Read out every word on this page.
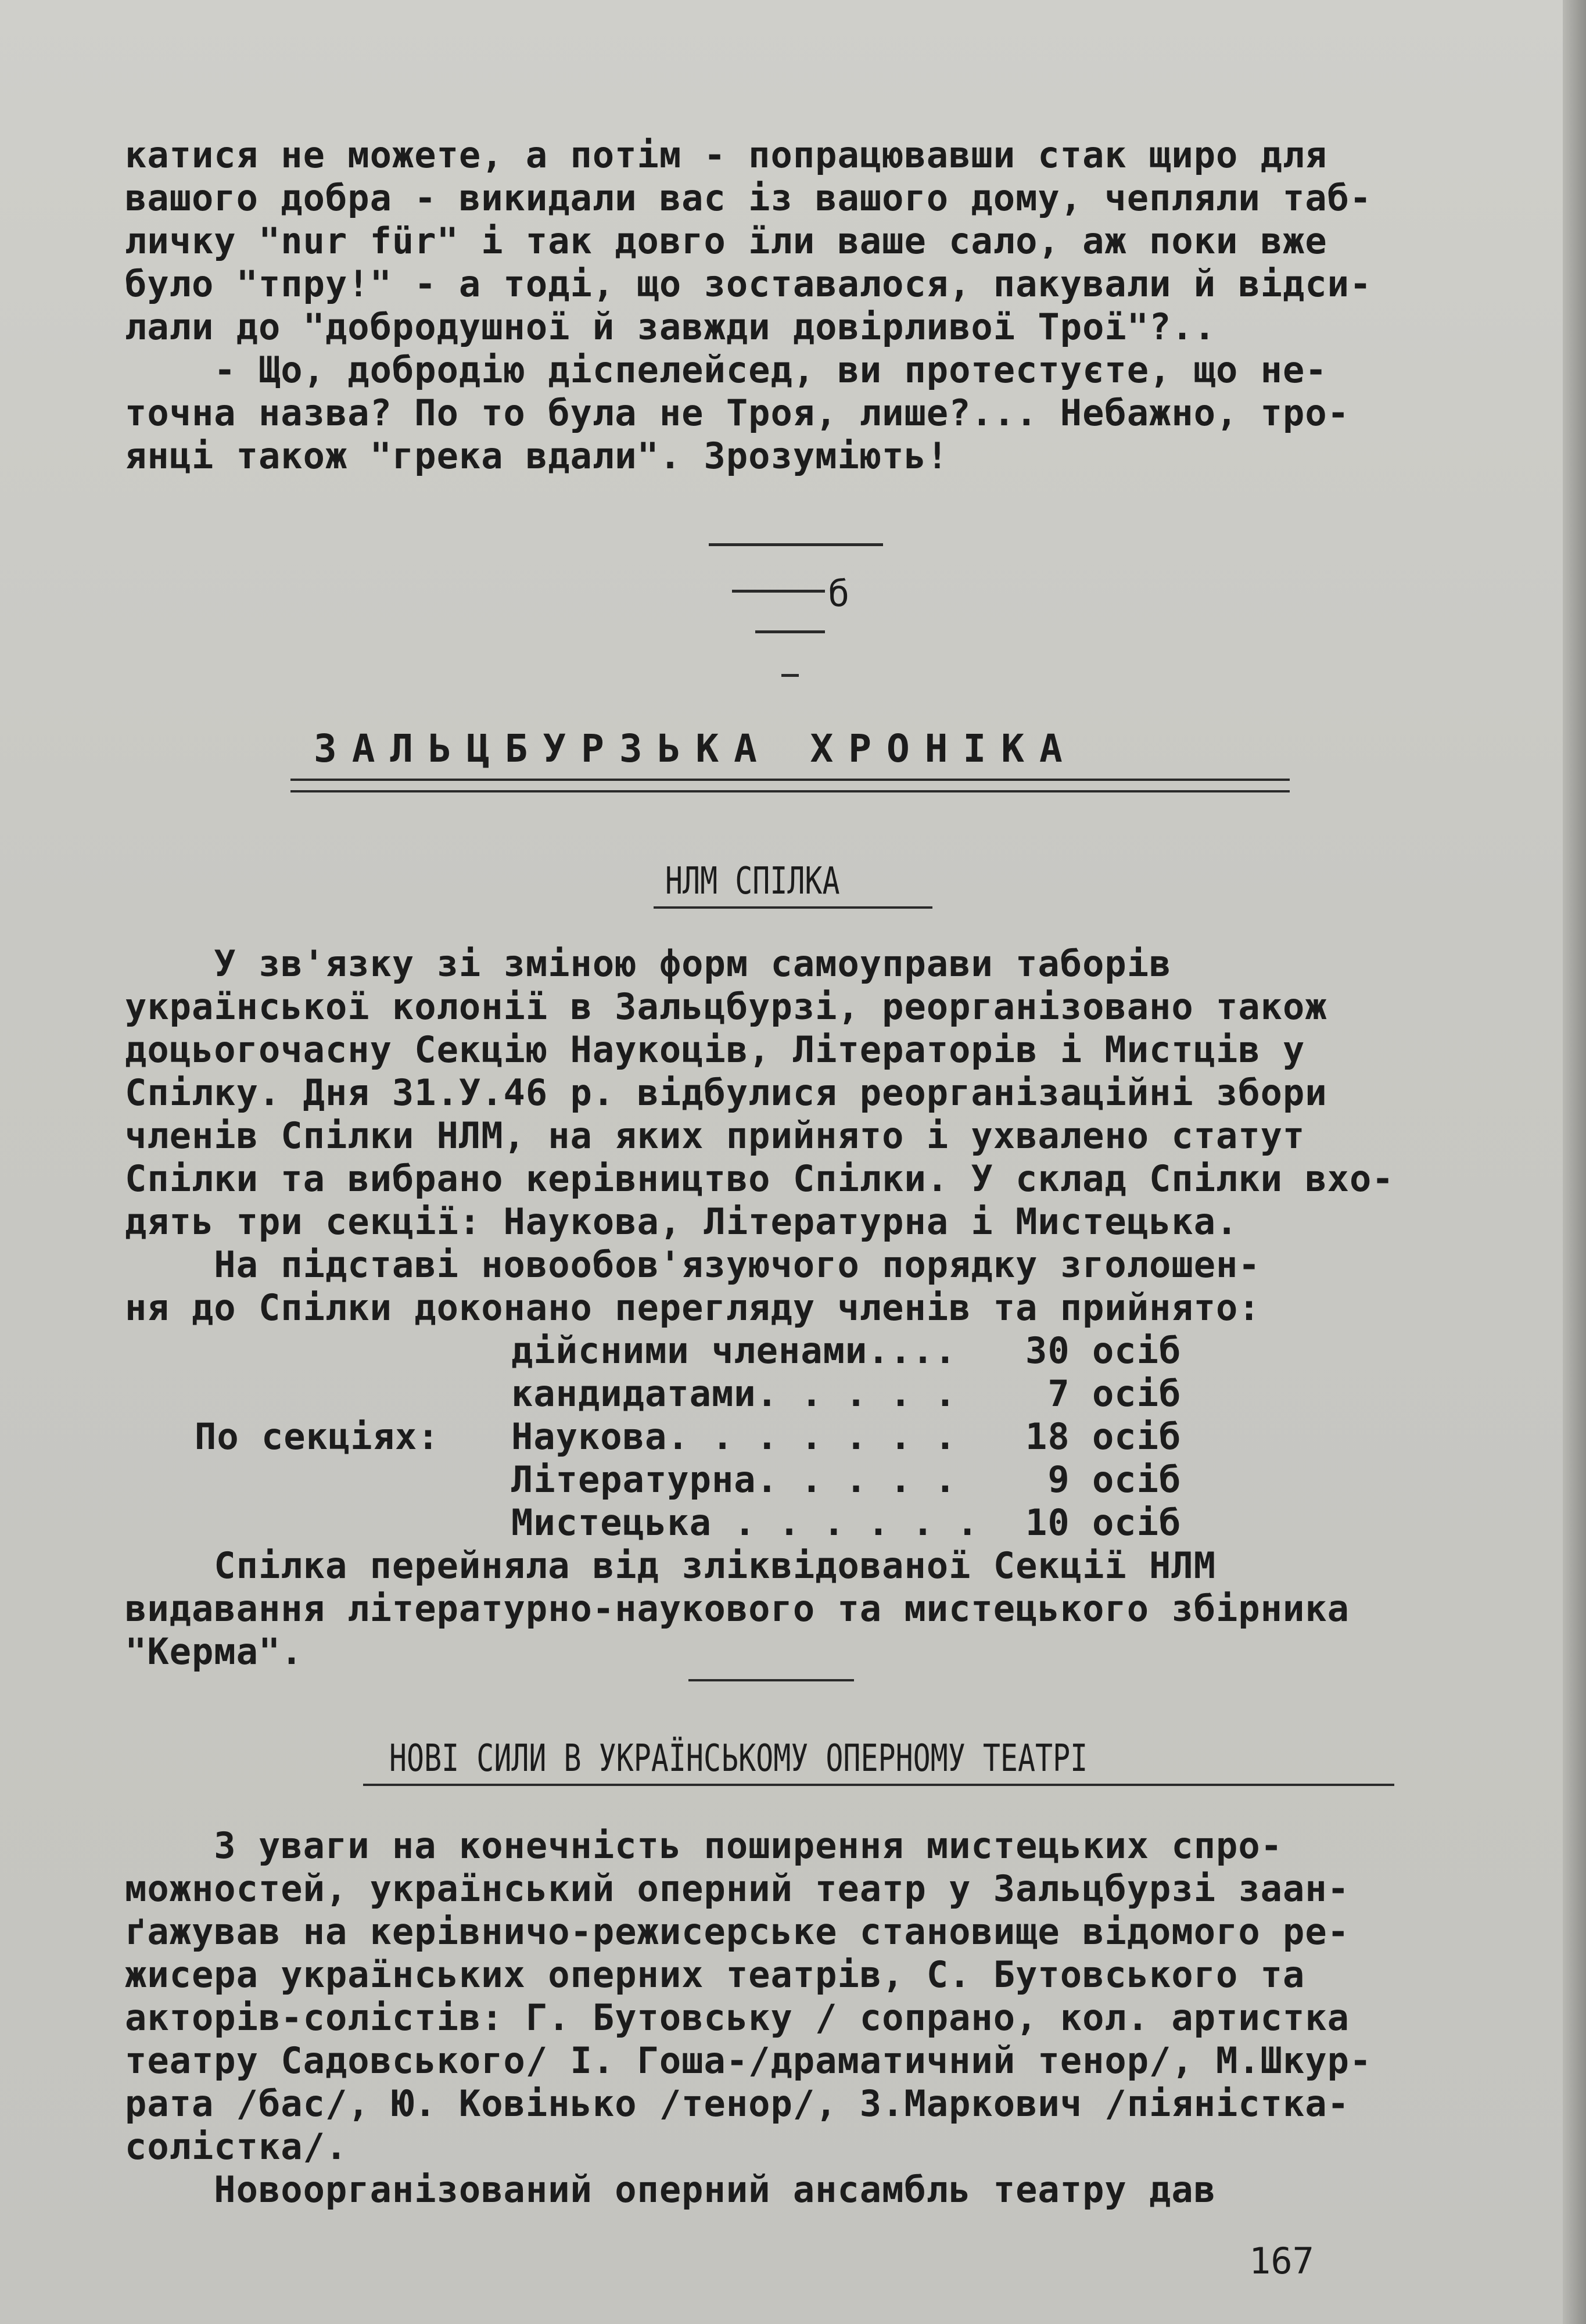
катися не можете, а потім - попрацювавши стак щиро для
вашого добра - викидали вас із вашого дому, чепляли таб-
личку "nur für" і так довго їли ваше сало, аж поки вже
було "тпру!" - а тоді, що зоставалося, пакували й відси-
лали до "добродушної й завжди довірливої Трої"?..
- Що, добродію діспелейсед, ви протестуєте, що не-
точна назва? По то була не Троя, лише?... Небажно, тро-
янці також "грека вдали". Зрозуміють!
б
ЗАЛЬЦБУРЗЬКА ХРОНІКА
НЛМ СПІЛКА
У зв'язку зі зміною форм самоуправи таборів
української колонії в Зальцбурзі, реорганізовано також
доцьогочасну Секцію Наукоців, Літераторів і Мистців у
Спілку. Дня 31.У.46 р. відбулися реорганізаційні збори
членів Спілки НЛМ, на яких прийнято і ухвалено статут
Спілки та вибрано керівництво Спілки. У склад Спілки вхо-
дять три секції: Наукова, Літературна і Мистецька.
На підставі новообов'язуючого порядку зголошен-
ня до Спілки доконано перегляду членів та прийнято:
дійсними членами.... 30 осіб
кандидатами. . . . . 7 осіб
По секціях: Наукова. . . . . . . 18 осіб
Літературна. . . . . 9 осіб
Мистецька . . . . . . 10 осіб
Спілка перейняла від зліквідованої Секції НЛМ
видавання літературно-наукового та мистецького збірника
"Керма".
НОВІ СИЛИ В УКРАЇНСЬКОМУ ОПЕРНОМУ ТЕАТРІ
З уваги на конечність поширення мистецьких спро-
можностей, український оперний театр у Зальцбурзі заан-
ґажував на керівничо-режисерське становище відомого ре-
жисера українських оперних театрів, С. Бутовського та
акторів-солістів: Г. Бутовську / сопрано, кол. артистка
театру Садовського/ І. Гоша-/драматичний тенор/, М.Шкур-
рата /бас/, Ю. Ковінько /тенор/, З.Маркович /піяністка-
солістка/.
Новоорганізований оперний ансамбль театру дав
167
